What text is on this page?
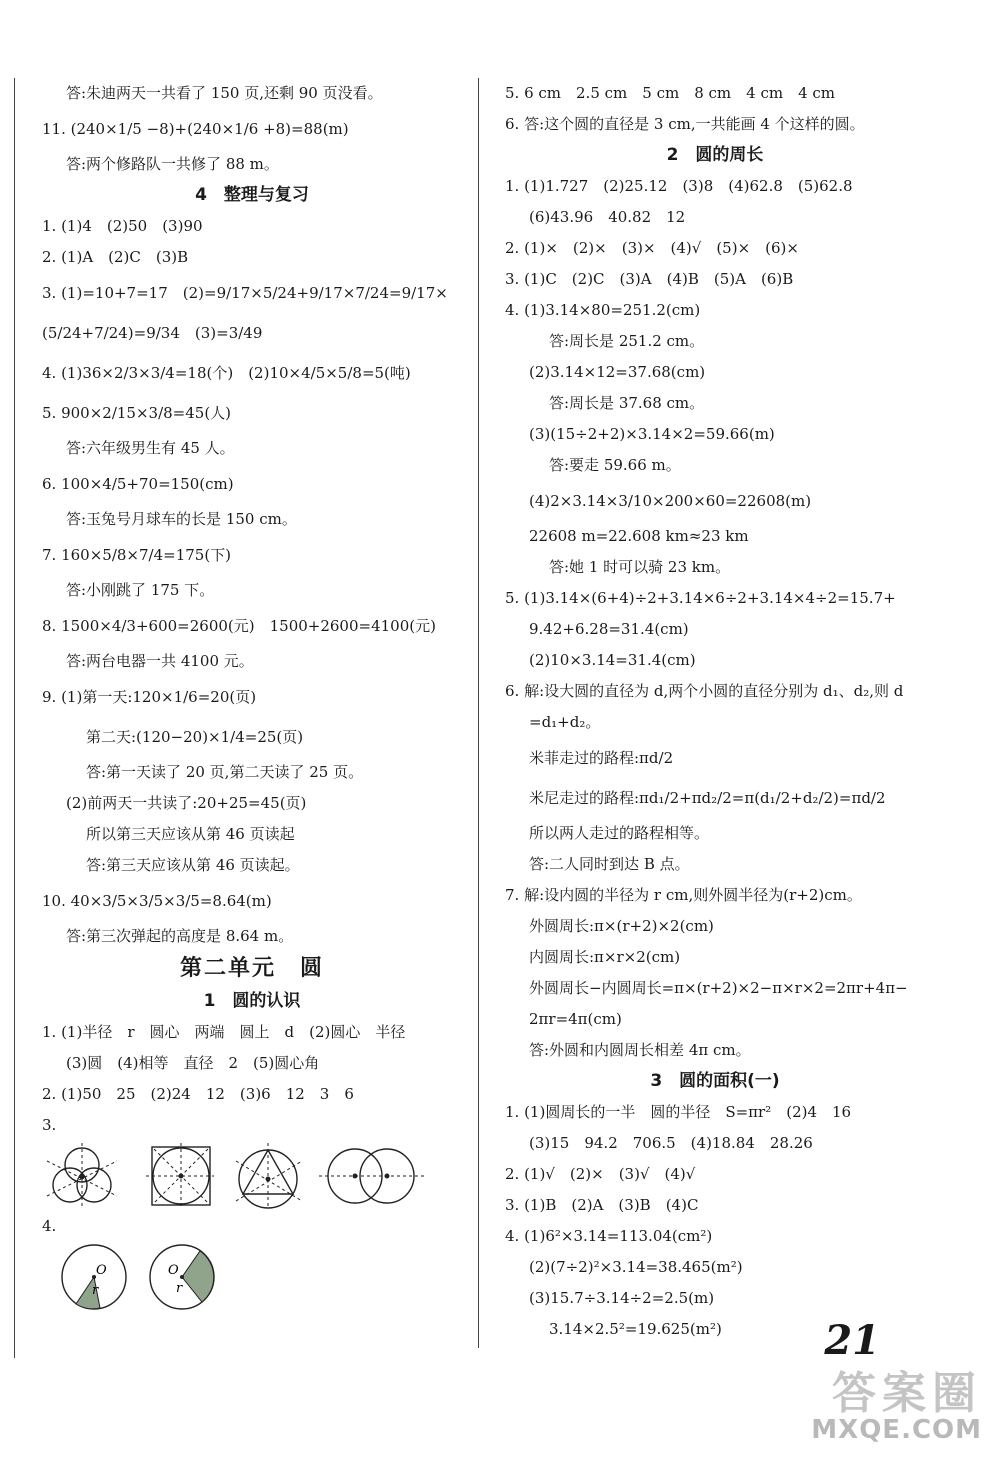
答:朱迪两天一共看了 150 页,还剩 90 页没看。
11. (240×1/5 −8)+(240×1/6 +8)=88(m)
答:两个修路队一共修了 88 m。
4　整理与复习
1. (1)4　(2)50　(3)90
2. (1)A　(2)C　(3)B
3. (1)=10+7=17　(2)=9/17×5/24+9/17×7/24=9/17×
(5/24+7/24)=9/34　(3)=3/49
4. (1)36×2/3×3/4=18(个)　(2)10×4/5×5/8=5(吨)
5. 900×2/15×3/8=45(人)
答:六年级男生有 45 人。
6. 100×4/5+70=150(cm)
答:玉兔号月球车的长是 150 cm。
7. 160×5/8×7/4=175(下)
答:小刚跳了 175 下。
8. 1500×4/3+600=2600(元)　1500+2600=4100(元)
答:两台电器一共 4100 元。
9. (1)第一天:120×1/6=20(页)
第二天:(120−20)×1/4=25(页)
答:第一天读了 20 页,第二天读了 25 页。
(2)前两天一共读了:20+25=45(页)
所以第三天应该从第 46 页读起
答:第三天应该从第 46 页读起。
10. 40×3/5×3/5×3/5=8.64(m)
答:第三次弹起的高度是 8.64 m。
第二单元　圆
1　圆的认识
1. (1)半径　r　圆心　两端　圆上　d　(2)圆心　半径
(3)圆　(4)相等　直径　2　(5)圆心角
2. (1)50　25　(2)24　12　(3)6　12　3　6
3.
4.
O
r
O
r
5. 6 cm　2.5 cm　5 cm　8 cm　4 cm　4 cm
6. 答:这个圆的直径是 3 cm,一共能画 4 个这样的圆。
2　圆的周长
1. (1)1.727　(2)25.12　(3)8　(4)62.8　(5)62.8
(6)43.96　40.82　12
2. (1)×　(2)×　(3)×　(4)√　(5)×　(6)×
3. (1)C　(2)C　(3)A　(4)B　(5)A　(6)B
4. (1)3.14×80=251.2(cm)
答:周长是 251.2 cm。
(2)3.14×12=37.68(cm)
答:周长是 37.68 cm。
(3)(15÷2+2)×3.14×2=59.66(m)
答:要走 59.66 m。
(4)2×3.14×3/10×200×60=22608(m)
22608 m=22.608 km≈23 km
答:她 1 时可以骑 23 km。
5. (1)3.14×(6+4)÷2+3.14×6÷2+3.14×4÷2=15.7+
9.42+6.28=31.4(cm)
(2)10×3.14=31.4(cm)
6. 解:设大圆的直径为 d,两个小圆的直径分别为 d₁、d₂,则 d
=d₁+d₂。
米菲走过的路程:πd/2
米尼走过的路程:πd₁/2+πd₂/2=π(d₁/2+d₂/2)=πd/2
所以两人走过的路程相等。
答:二人同时到达 B 点。
7. 解:设内圆的半径为 r cm,则外圆半径为(r+2)cm。
外圆周长:π×(r+2)×2(cm)
内圆周长:π×r×2(cm)
外圆周长−内圆周长=π×(r+2)×2−π×r×2=2πr+4π−
2πr=4π(cm)
答:外圆和内圆周长相差 4π cm。
3　圆的面积(一)
1. (1)圆周长的一半　圆的半径　S=πr²　(2)4　16
(3)15　94.2　706.5　(4)18.84　28.26
2. (1)√　(2)×　(3)√　(4)√
3. (1)B　(2)A　(3)B　(4)C
4. (1)6²×3.14=113.04(cm²)
(2)(7÷2)²×3.14=38.465(m²)
(3)15.7÷3.14÷2=2.5(m)
3.14×2.5²=19.625(m²)	21
答案圈
MXQE.COM
